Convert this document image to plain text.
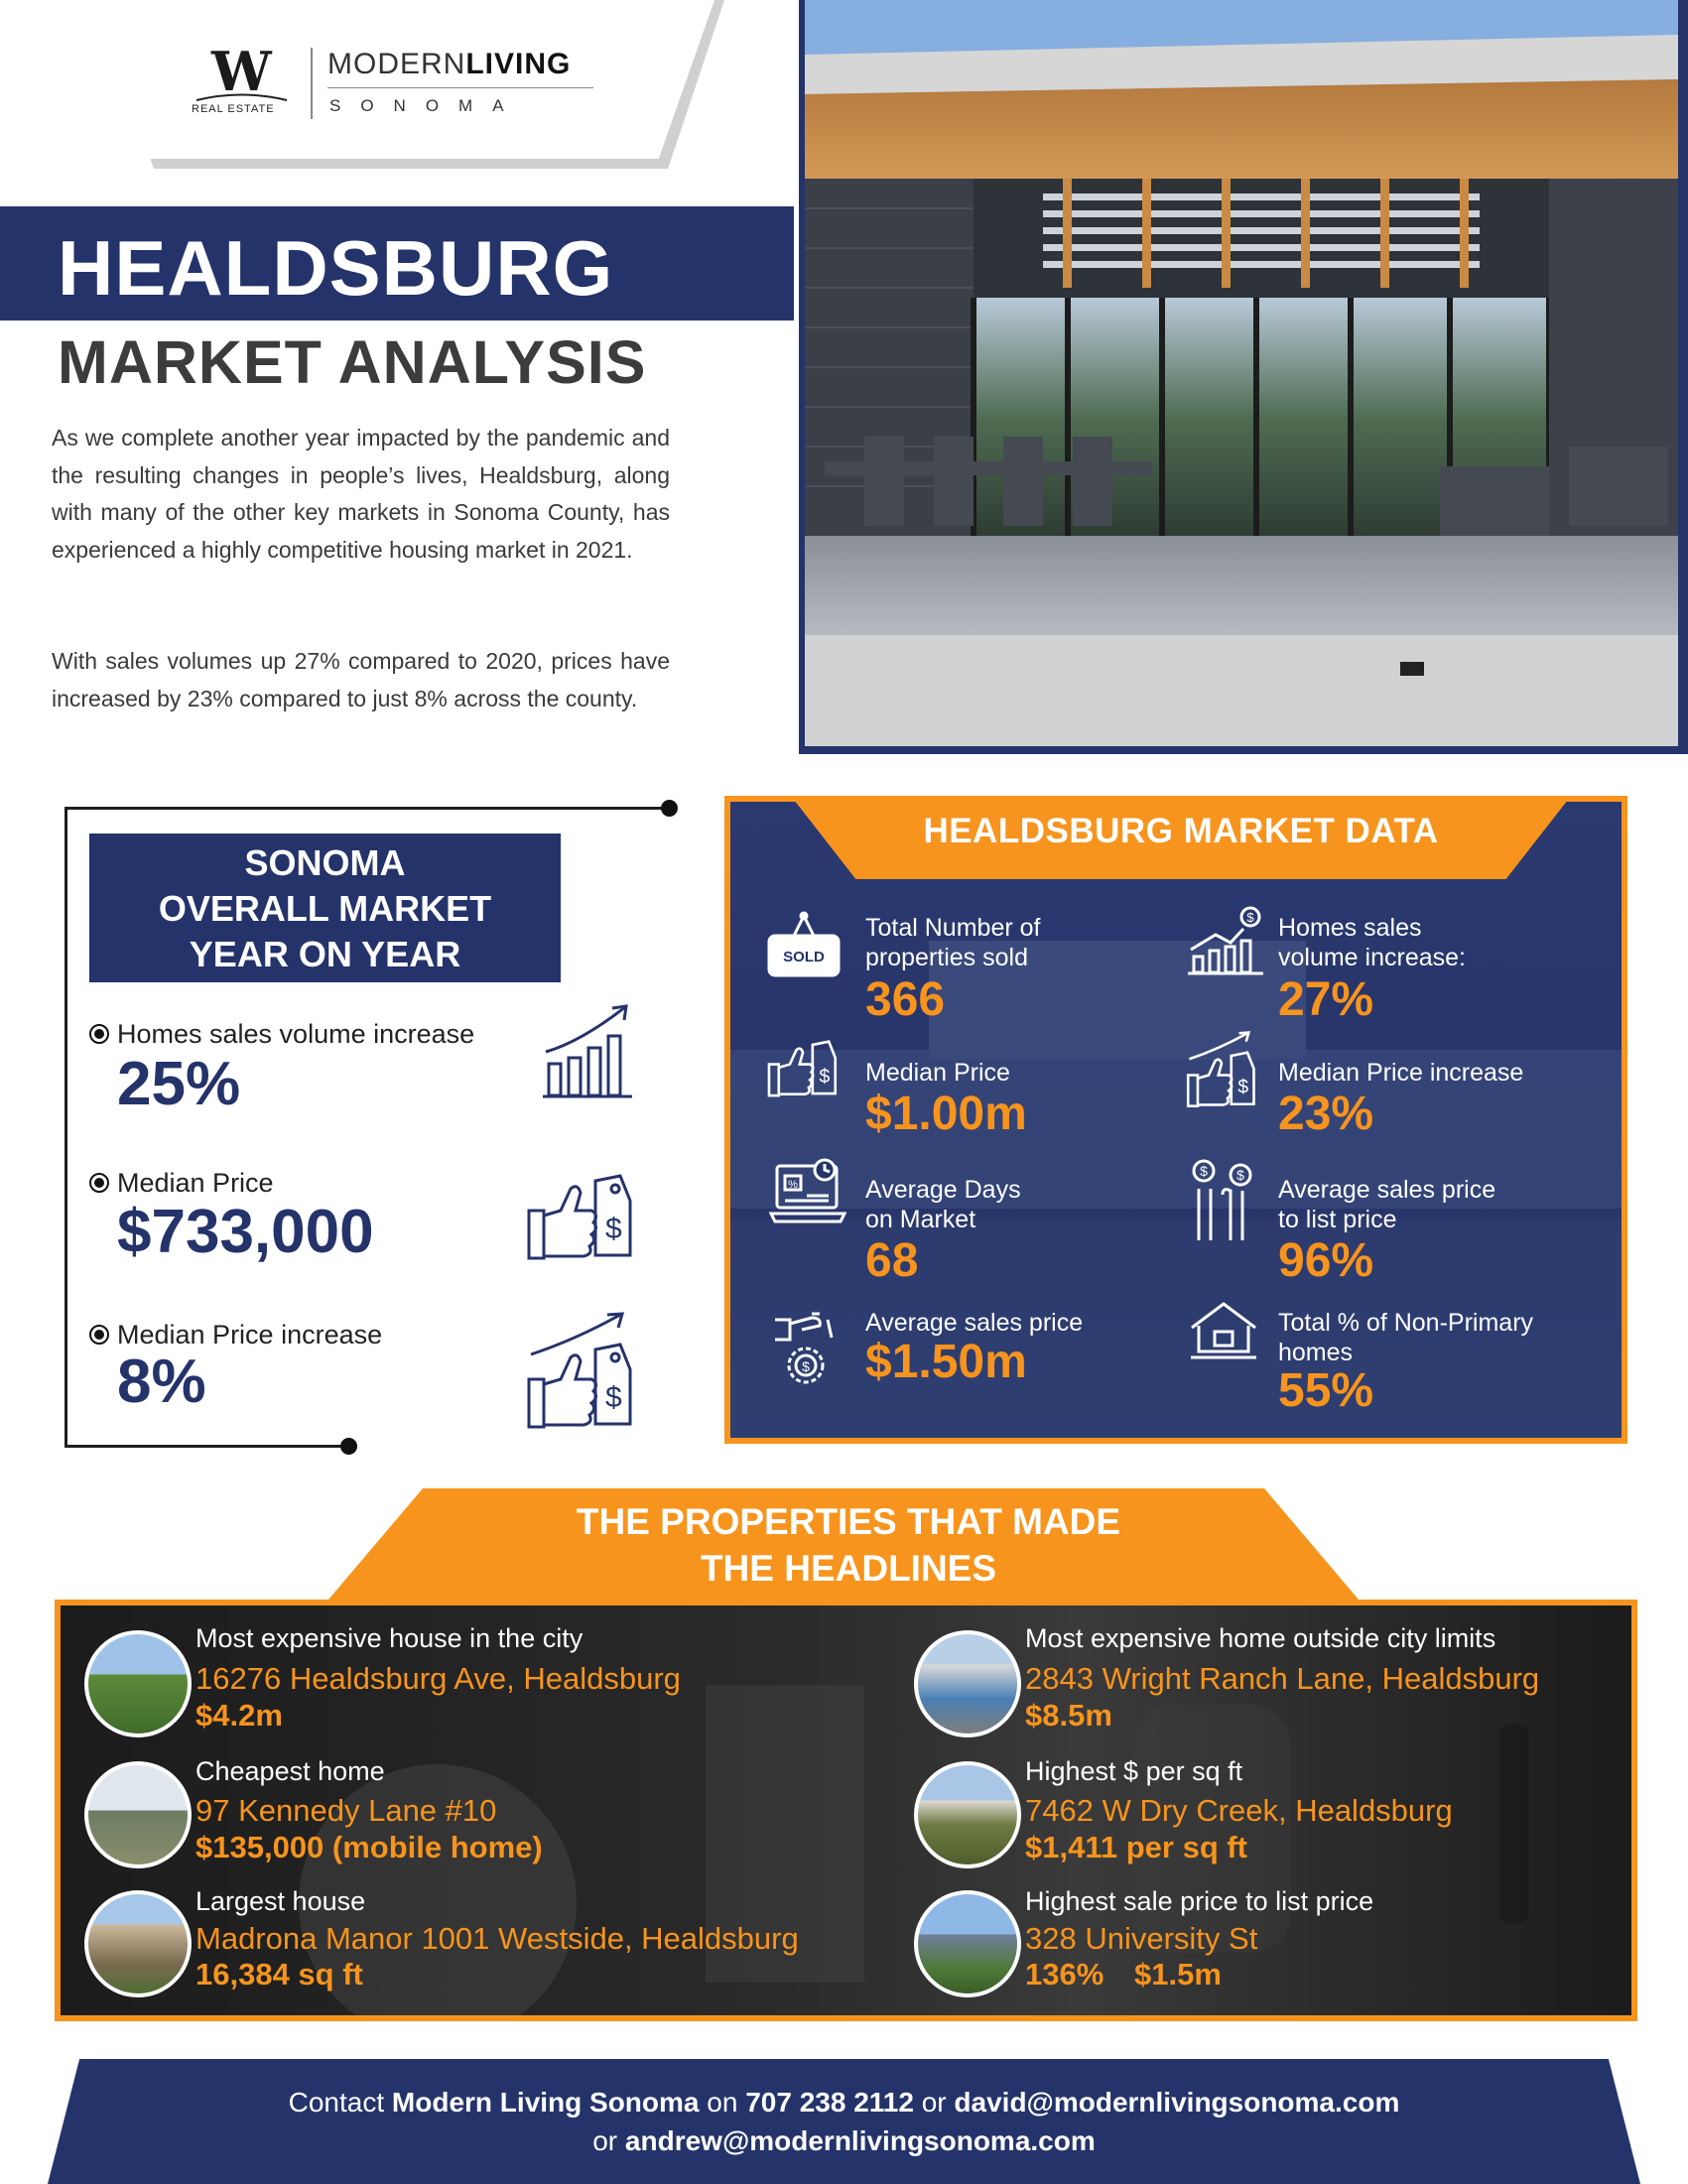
W
REAL ESTATE
MODERNLIVING
SONOMA
HEALDSBURG
MARKET ANALYSIS

As we complete another year impacted by the pandemic and the resulting changes in people’s lives, Healdsburg, along with many of the other key markets in Sonoma County, has experienced a highly competitive housing market in 2021.

With sales volumes up 27% compared to 2020, prices have increased by 23% compared to just 8% across the county.

SONOMA
OVERALL MARKET
YEAR ON YEAR
Homes sales volume increase
25%
Median Price
$733,000	$
Median Price increase
8%	$
HEALDSBURG MARKET DATA
SOLD
Total Number of
properties sold
366
$ Homes sales
volume increase:
27%
$ Median Price
$1.00m
$
Median Price increase
23%
%	Average Days
on Market
68
$ $
Average sales price
to list price
96%
$
Average sales price
$1.50m
Total % of Non-Primary
homes
55%
THE PROPERTIES THAT MADE
THE HEADLINES
Most expensive house in the city
16276 Healdsburg Ave, Healdsburg
$4.2m
Cheapest home
97 Kennedy Lane #10
$135,000 (mobile home)
Largest house
Madrona Manor 1001 Westside, Healdsburg
16,384 sq ft
Most expensive home outside city limits
2843 Wright Ranch Lane, Healdsburg
$8.5m
Highest $ per sq ft
7462 W Dry Creek, Healdsburg
$1,411 per sq ft
Highest sale price to list price
328 University St
136% $1.5m
Contact Modern Living Sonoma on 707 238 2112 or david@modernlivingsonoma.com
or andrew@modernlivingsonoma.com
